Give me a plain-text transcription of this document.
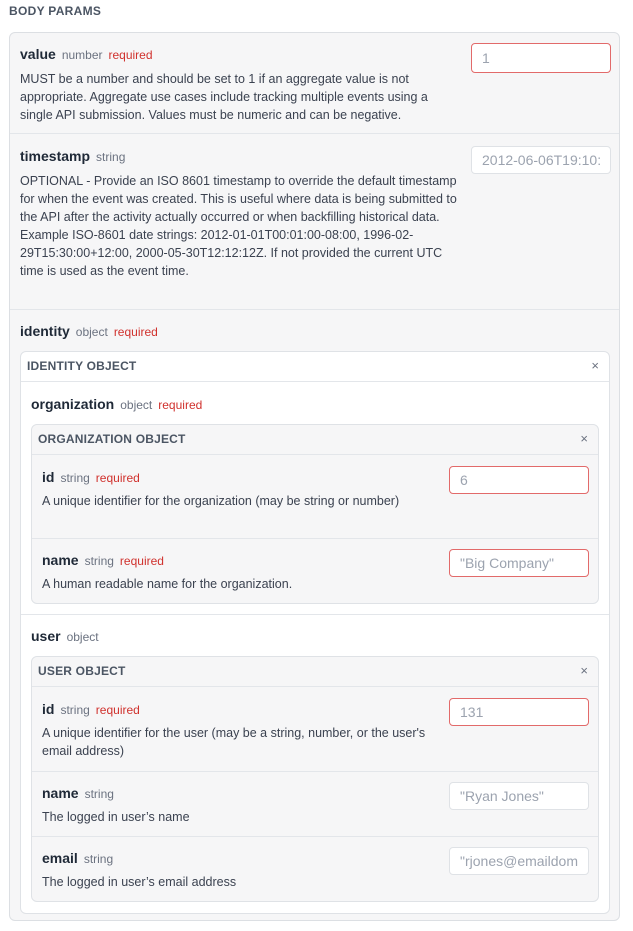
BODY PARAMS
value number required
MUST be a number and should be set to 1 if an aggregate value is not appropriate. Aggregate use cases include tracking multiple events using a single API submission. Values must be numeric and can be negative.
1
timestamp string
OPTIONAL - Provide an ISO 8601 timestamp to override the default timestamp for when the event was created. This is useful where data is being submitted to the API after the activity actually occurred or when backfilling historical data. Example ISO-8601 date strings: 2012-01-01T00:01:00-08:00, 1996-02-29T15:30:00+12:00, 2000-05-30T12:12:12Z. If not provided the current UTC time is used as the event time.
2012-06-06T19:10:25+00:00
identity object required
IDENTITY OBJECT	×
organization object required
ORGANIZATION OBJECT	×
id string required
A unique identifier for the organization (may be string or number)
6
name string required
A human readable name for the organization.
"Big Company"
user object
USER OBJECT	×
id string required
A unique identifier for the user (may be a string, number, or the user's email address)
131
name string
The logged in user’s name
"Ryan Jones"
email string
The logged in user’s email address
"rjones@emaildomain.com"
